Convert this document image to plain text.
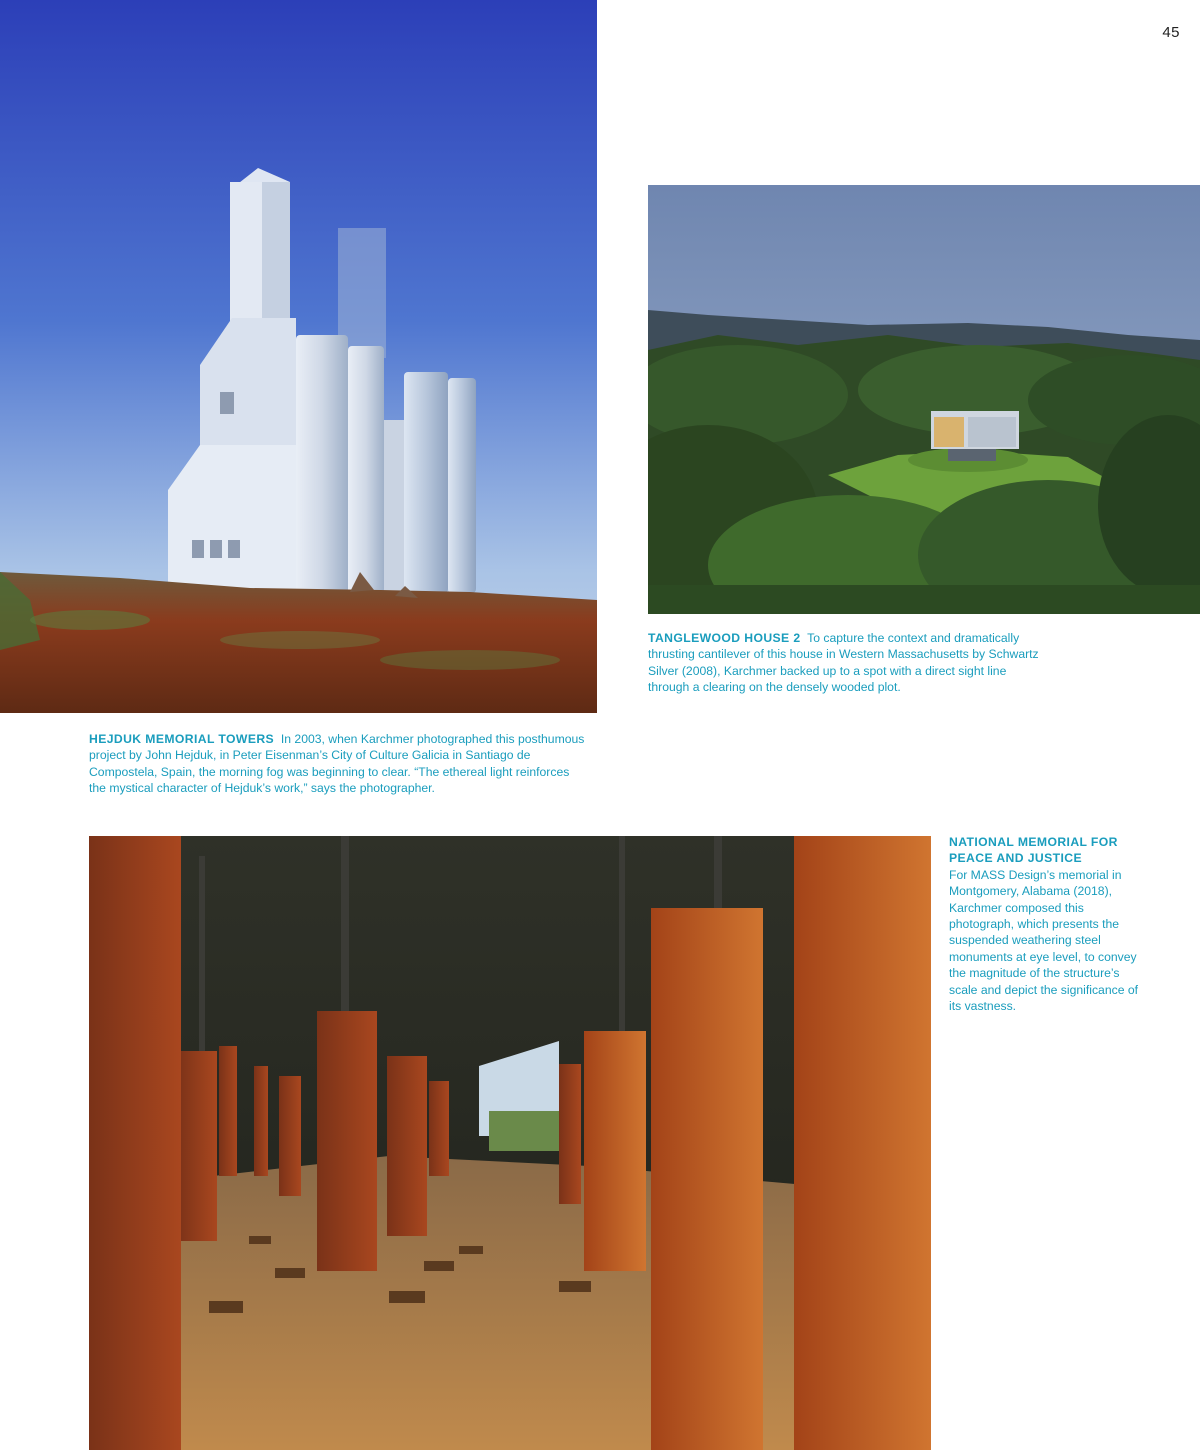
45
TANGLEWOOD HOUSE 2 To capture the context and dramatically thrusting cantilever of this house in Western Massachusetts by Schwartz Silver (2008), Karchmer backed up to a spot with a direct sight line through a clearing on the densely wooded plot.
HEJDUK MEMORIAL TOWERS In 2003, when Karchmer photographed this posthumous project by John Hejduk, in Peter Eisenman’s City of Culture Galicia in Santiago de Compostela, Spain, the morning fog was beginning to clear. “The ethereal light reinforces the mystical character of Hejduk’s work,” says the photographer.
NATIONAL MEMORIAL FOR PEACE AND JUSTICE
For MASS Design’s memorial in Montgomery, Alabama (2018), Karchmer composed this photograph, which presents the suspended weathering steel monuments at eye level, to convey the magnitude of the structure’s scale and depict the significance of its vastness.
